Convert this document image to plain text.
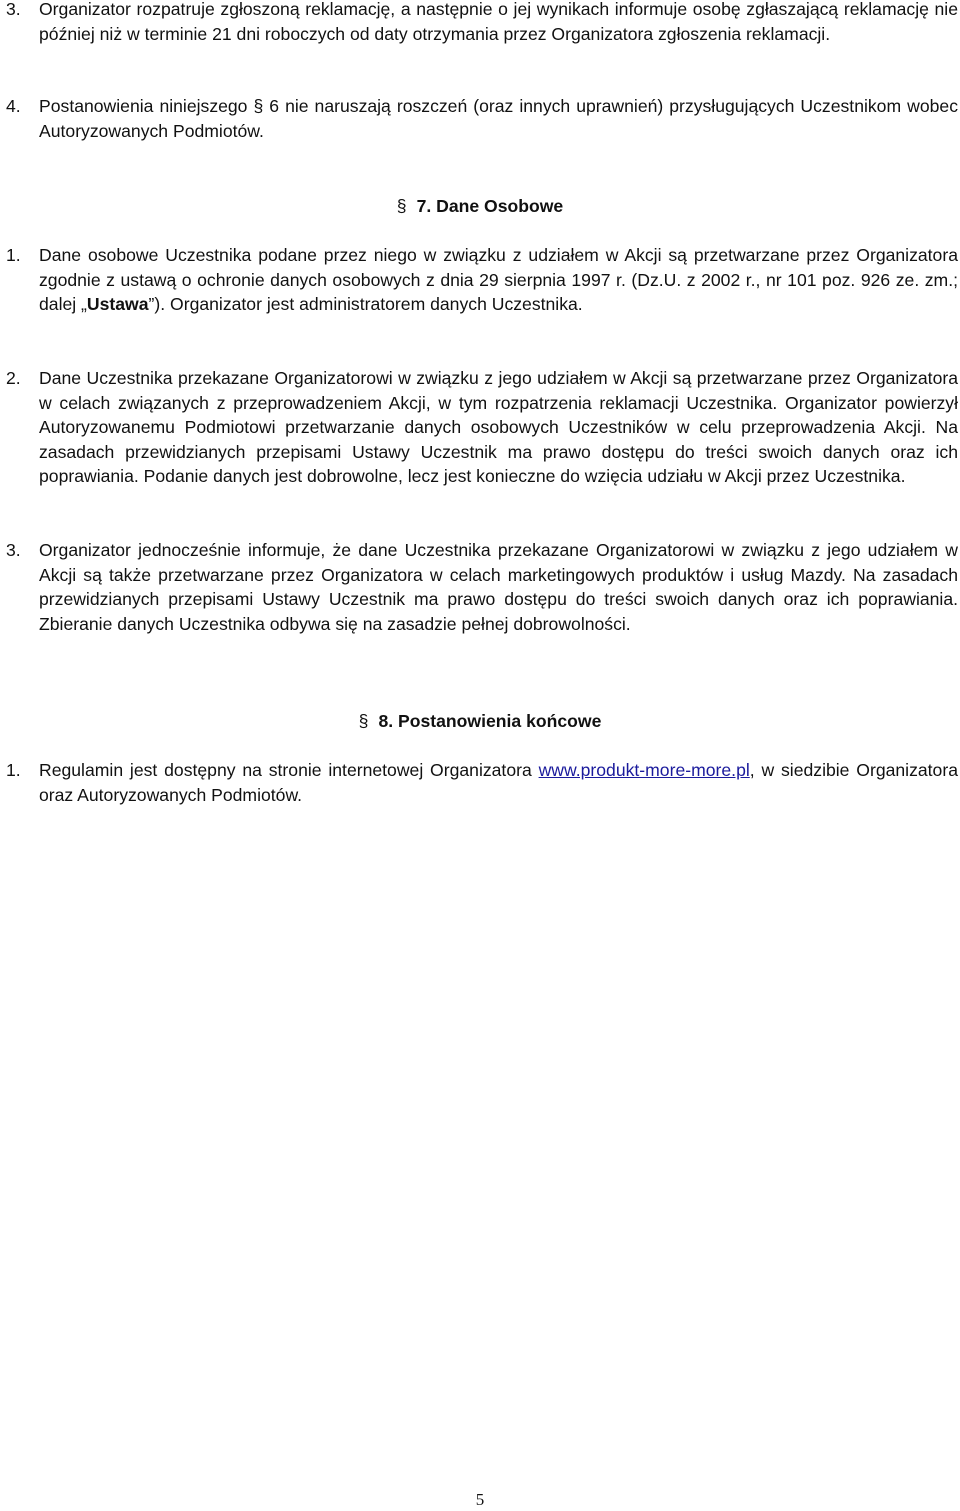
3. Organizator rozpatruje zgłoszoną reklamację, a następnie o jej wynikach informuje osobę zgłaszającą reklamację nie później niż w terminie 21 dni roboczych od daty otrzymania przez Organizatora zgłoszenia reklamacji.
4. Postanowienia niniejszego § 6 nie naruszają roszczeń (oraz innych uprawnień) przysługujących Uczestnikom wobec Autoryzowanych Podmiotów.
§ 7. Dane Osobowe
1. Dane osobowe Uczestnika podane przez niego w związku z udziałem w Akcji są przetwarzane przez Organizatora zgodnie z ustawą o ochronie danych osobowych z dnia 29 sierpnia 1997 r. (Dz.U. z 2002 r., nr 101 poz. 926 ze. zm.; dalej „Ustawa”). Organizator jest administratorem danych Uczestnika.
2. Dane Uczestnika przekazane Organizatorowi w związku z jego udziałem w Akcji są przetwarzane przez Organizatora w celach związanych z przeprowadzeniem Akcji, w tym rozpatrzenia reklamacji Uczestnika. Organizator powierzył Autoryzowanemu Podmiotowi przetwarzanie danych osobowych Uczestników w celu przeprowadzenia Akcji. Na zasadach przewidzianych przepisami Ustawy Uczestnik ma prawo dostępu do treści swoich danych oraz ich poprawiania. Podanie danych jest dobrowolne, lecz jest konieczne do wzięcia udziału w Akcji przez Uczestnika.
3. Organizator jednocześnie informuje, że dane Uczestnika przekazane Organizatorowi w związku z jego udziałem w Akcji są także przetwarzane przez Organizatora w celach marketingowych produktów i usług Mazdy. Na zasadach przewidzianych przepisami Ustawy Uczestnik ma prawo dostępu do treści swoich danych oraz ich poprawiania. Zbieranie danych Uczestnika odbywa się na zasadzie pełnej dobrowolności.
§ 8. Postanowienia końcowe
1. Regulamin jest dostępny na stronie internetowej Organizatora www.produkt-more-more.pl, w siedzibie Organizatora oraz Autoryzowanych Podmiotów.
5
